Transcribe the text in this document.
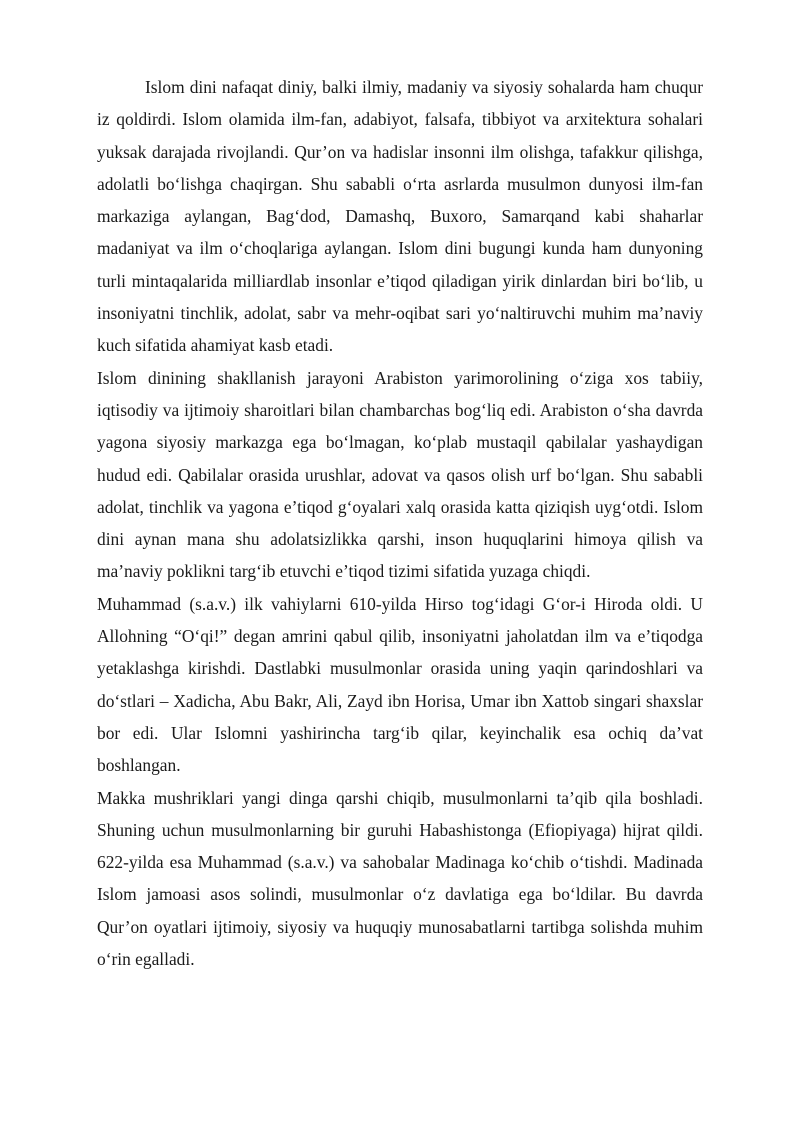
Islom dini nafaqat diniy, balki ilmiy, madaniy va siyosiy sohalarda ham chuqur iz qoldirdi. Islom olamida ilm-fan, adabiyot, falsafa, tibbiyot va arxitektura sohalari yuksak darajada rivojlandi. Qur’on va hadislar insonni ilm olishga, tafakkur qilishga, adolatli bo‘lishga chaqirgan. Shu sababli o‘rta asrlarda musulmon dunyosi ilm-fan markaziga aylangan, Bag‘dod, Damashq, Buxoro, Samarqand kabi shaharlar madaniyat va ilm o‘choqlariga aylangan. Islom dini bugungi kunda ham dunyoning turli mintaqalarida milliardlab insonlar e’tiqod qiladigan yirik dinlardan biri bo‘lib, u insoniyatni tinchlik, adolat, sabr va mehr-oqibat sari yo‘naltiruvchi muhim ma’naviy kuch sifatida ahamiyat kasb etadi.

Islom dinining shakllanish jarayoni Arabiston yarimorolining o‘ziga xos tabiiy, iqtisodiy va ijtimoiy sharoitlari bilan chambarchas bog‘liq edi. Arabiston o‘sha davrda yagona siyosiy markazga ega bo‘lmagan, ko‘plab mustaqil qabilalar yashaydigan hudud edi. Qabilalar orasida urushlar, adovat va qasos olish urf bo‘lgan. Shu sababli adolat, tinchlik va yagona e’tiqod g‘oyalari xalq orasida katta qiziqish uyg‘otdi. Islom dini aynan mana shu adolatsizlikka qarshi, inson huquqlarini himoya qilish va ma’naviy poklikni targ‘ib etuvchi e’tiqod tizimi sifatida yuzaga chiqdi.

Muhammad (s.a.v.) ilk vahiylarni 610-yilda Hirso tog‘idagi G‘or-i Hiroda oldi. U Allohning “O‘qi!” degan amrini qabul qilib, insoniyatni jaholatdan ilm va e’tiqodga yetaklashga kirishdi. Dastlabki musulmonlar orasida uning yaqin qarindoshlari va do‘stlari – Xadicha, Abu Bakr, Ali, Zayd ibn Horisa, Umar ibn Xattob singari shaxslar bor edi. Ular Islomni yashirincha targ‘ib qilar, keyinchalik esa ochiq da’vat boshlangan.

Makka mushriklari yangi dinga qarshi chiqib, musulmonlarni ta’qib qila boshladi. Shuning uchun musulmonlarning bir guruhi Habashistonga (Efiopiyaga) hijrat qildi. 622-yilda esa Muhammad (s.a.v.) va sahobalar Madinaga ko‘chib o‘tishdi. Madinada Islom jamoasi asos solindi, musulmonlar o‘z davlatiga ega bo‘ldilar. Bu davrda Qur’on oyatlari ijtimoiy, siyosiy va huquqiy munosabatlarni tartibga solishda muhim o‘rin egalladi.
